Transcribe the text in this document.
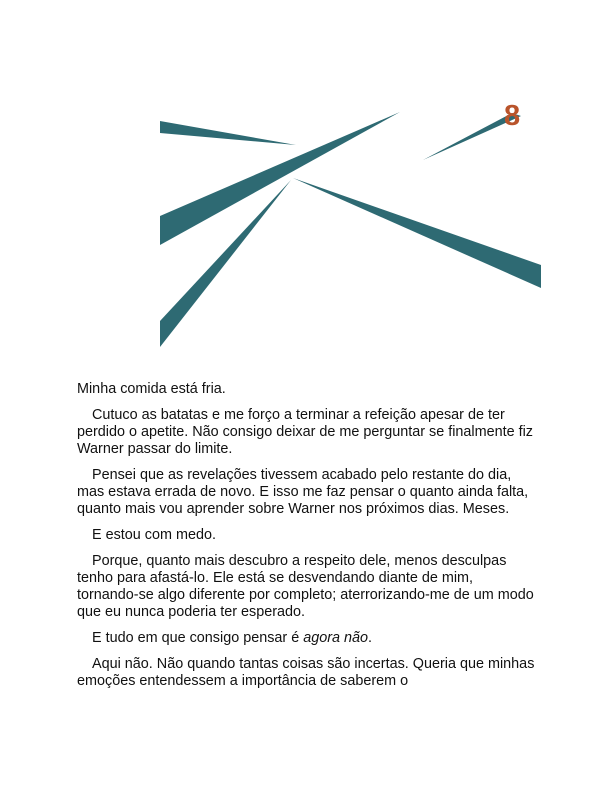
8

Minha comida está fria.

Cutuco as batatas e me forço a terminar a refeição apesar de ter perdido o apetite. Não consigo deixar de me perguntar se finalmente fiz Warner passar do limite.

Pensei que as revelações tivessem acabado pelo restante do dia, mas estava errada de novo. E isso me faz pensar o quanto ainda falta, quanto mais vou aprender sobre Warner nos próximos dias. Meses.

E estou com medo.

Porque, quanto mais descubro a respeito dele, menos desculpas tenho para afastá-lo. Ele está se desvendando diante de mim, tornando-se algo diferente por completo; aterrorizando-me de um modo que eu nunca poderia ter esperado.

E tudo em que consigo pensar é agora não.

Aqui não. Não quando tantas coisas são incertas. Queria que minhas emoções entendessem a importância de saberem o
